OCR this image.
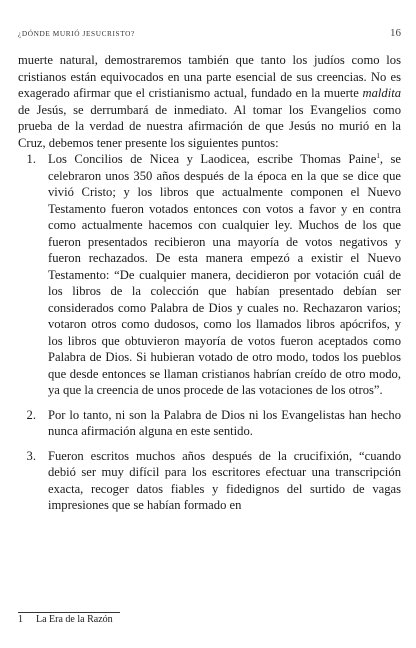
¿DÓNDE MURIÓ JESUCRISTO?	16

muerte natural, demostraremos también que tanto los judíos como los cristianos están equivocados en una parte esencial de sus creencias. No es exagerado afirmar que el cristianismo actual, fundado en la muerte maldita de Jesús, se derrumbará de inmediato. Al tomar los Evangelios como prueba de la verdad de nuestra afirmación de que Jesús no murió en la Cruz, debemos tener presente los siguientes puntos:

1. Los Concilios de Nicea y Laodicea, escribe Thomas Paine$^1$, se celebraron unos 350 años después de la época en la que se dice que vivió Cristo; y los libros que actualmente componen el Nuevo Testamento fueron votados entonces con votos a favor y en contra como actualmente hacemos con cualquier ley. Muchos de los que fueron presentados recibieron una mayoría de votos negativos y fueron rechazados. De esta manera empezó a existir el Nuevo Testamento: “De cualquier manera, decidieron por votación cuál de los libros de la colección que habían presentado debían ser considerados como Palabra de Dios y cuales no. Rechazaron varios; votaron otros como dudosos, como los llamados libros apócrifos, y los libros que obtuvieron mayoría de votos fueron aceptados como Palabra de Dios. Si hubieran votado de otro modo, todos los pueblos que desde entonces se llaman cristianos habrían creído de otro modo, ya que la creencia de unos procede de las votaciones de los otros”.
2. Por lo tanto, ni son la Palabra de Dios ni los Evangelistas han hecho nunca afirmación alguna en este sentido.
3. Fueron escritos muchos años después de la crucifixión, “cuando debió ser muy difícil para los escritores efectuar una transcripción exacta, recoger datos fiables y fidedignos del surtido de vagas impresiones que se habían formado en
1 La Era de la Razón
